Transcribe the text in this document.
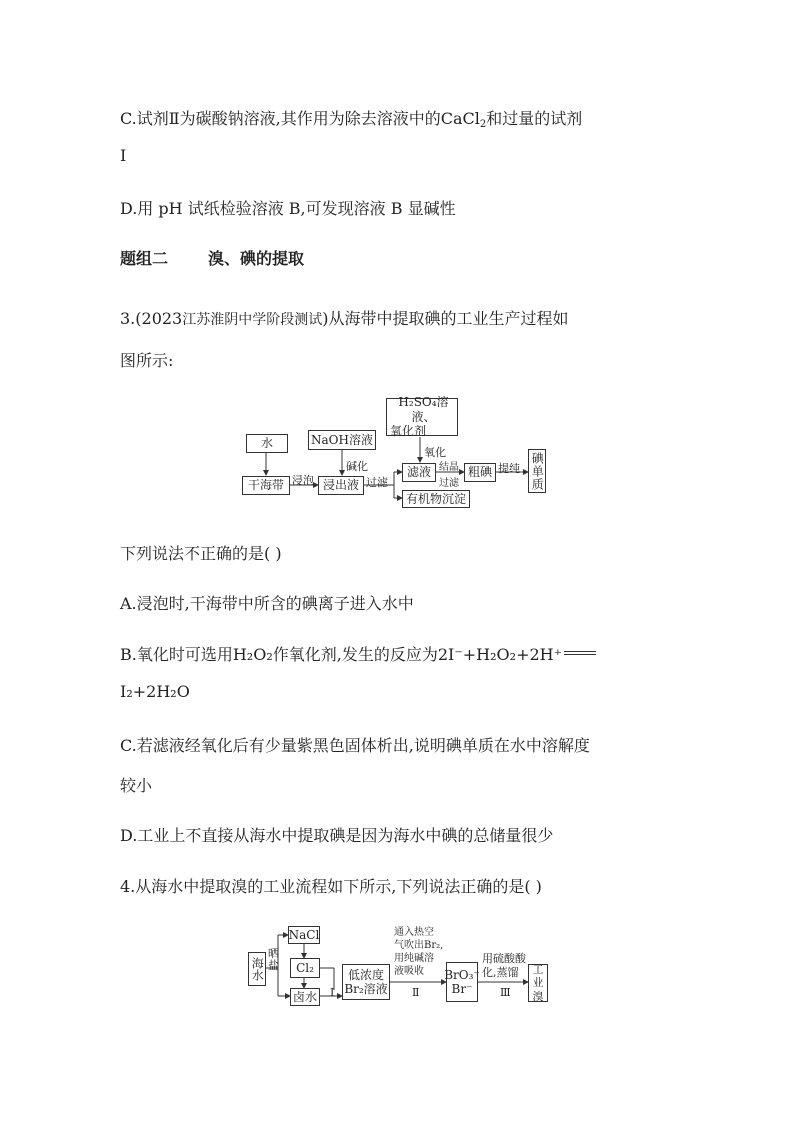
C.试剂Ⅱ为碳酸钠溶液,其作用为除去溶液中的CaCl$_2$和过量的试剂
Ⅰ
D.用 pH 试纸检验溶液 B,可发现溶液 B 显碱性
题组二	溴、碘的提取
3.(2023江苏淮阴中学阶段测试)从海带中提取碘的工业生产过程如
图所示:
水
干海带 浸泡
NaOH溶液
碱化
浸出液 过滤
H₂SO₄溶液、
氧化剂
氧化
滤液 结晶
过滤
粗碘 提纯 碘单质
有机物沉淀
下列说法不正确的是( )
A.浸泡时,干海带中所含的碘离子进入水中
B.氧化时可选用H₂O₂作氧化剂,发生的反应为2I⁻+H₂O₂+2H⁺
I₂+2H₂O
C.若滤液经氧化后有少量紫黑色固体析出,说明碘单质在水中溶解度
较小
D.工业上不直接从海水中提取碘是因为海水中碘的总储量很少
4.从海水中提取溴的工业流程如下所示,下列说法正确的是( )
海水
晒盐
NaCl
Cl₂
卤水 Ⅰ
低浓度
Br₂溶液
通入热空
气吹出Br₂,
用纯碱溶
液吸收
Ⅱ
BrO₃⁻
Br⁻
用硫酸酸
化,蒸馏
Ⅲ
工业
溴
